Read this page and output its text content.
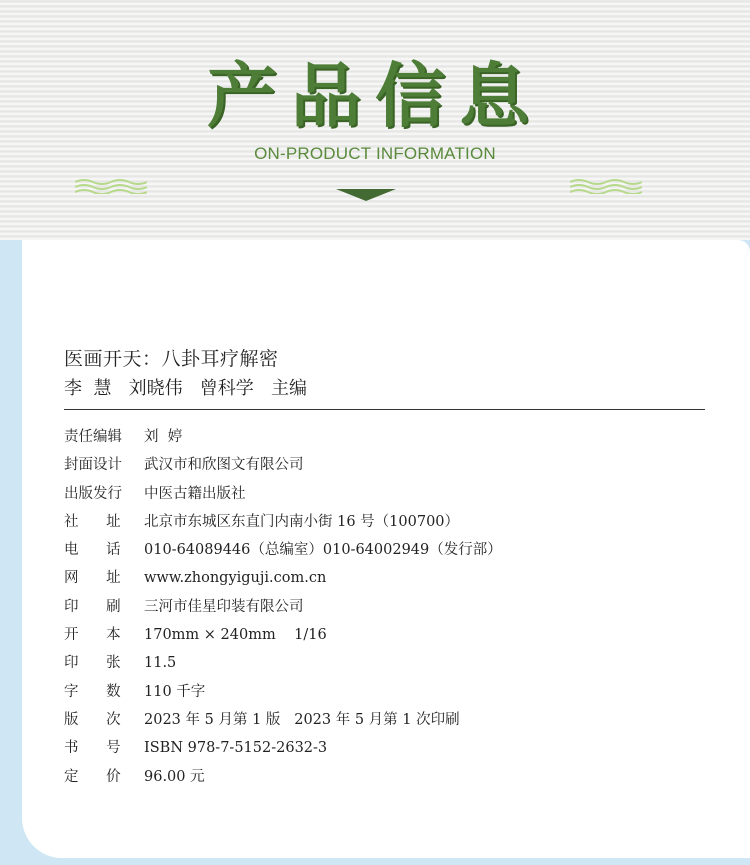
产品信息
ON-PRODUCT INFORMATION
医画开天：八卦耳疗解密
李  慧   刘晓伟   曾科学   主编
责任编辑 刘  婷
封面设计 武汉市和欣图文有限公司
出版发行 中医古籍出版社
社      址 北京市东城区东直门内南小街 16 号（100700）
电      话 010-64089446（总编室）010-64002949（发行部）
网      址 www.zhongyiguji.com.cn
印      刷 三河市佳星印装有限公司
开      本 170mm × 240mm    1/16
印      张 11.5
字      数 110 千字
版      次 2023 年 5 月第 1 版   2023 年 5 月第 1 次印刷
书      号 ISBN 978-7-5152-2632-3
定      价 96.00 元
